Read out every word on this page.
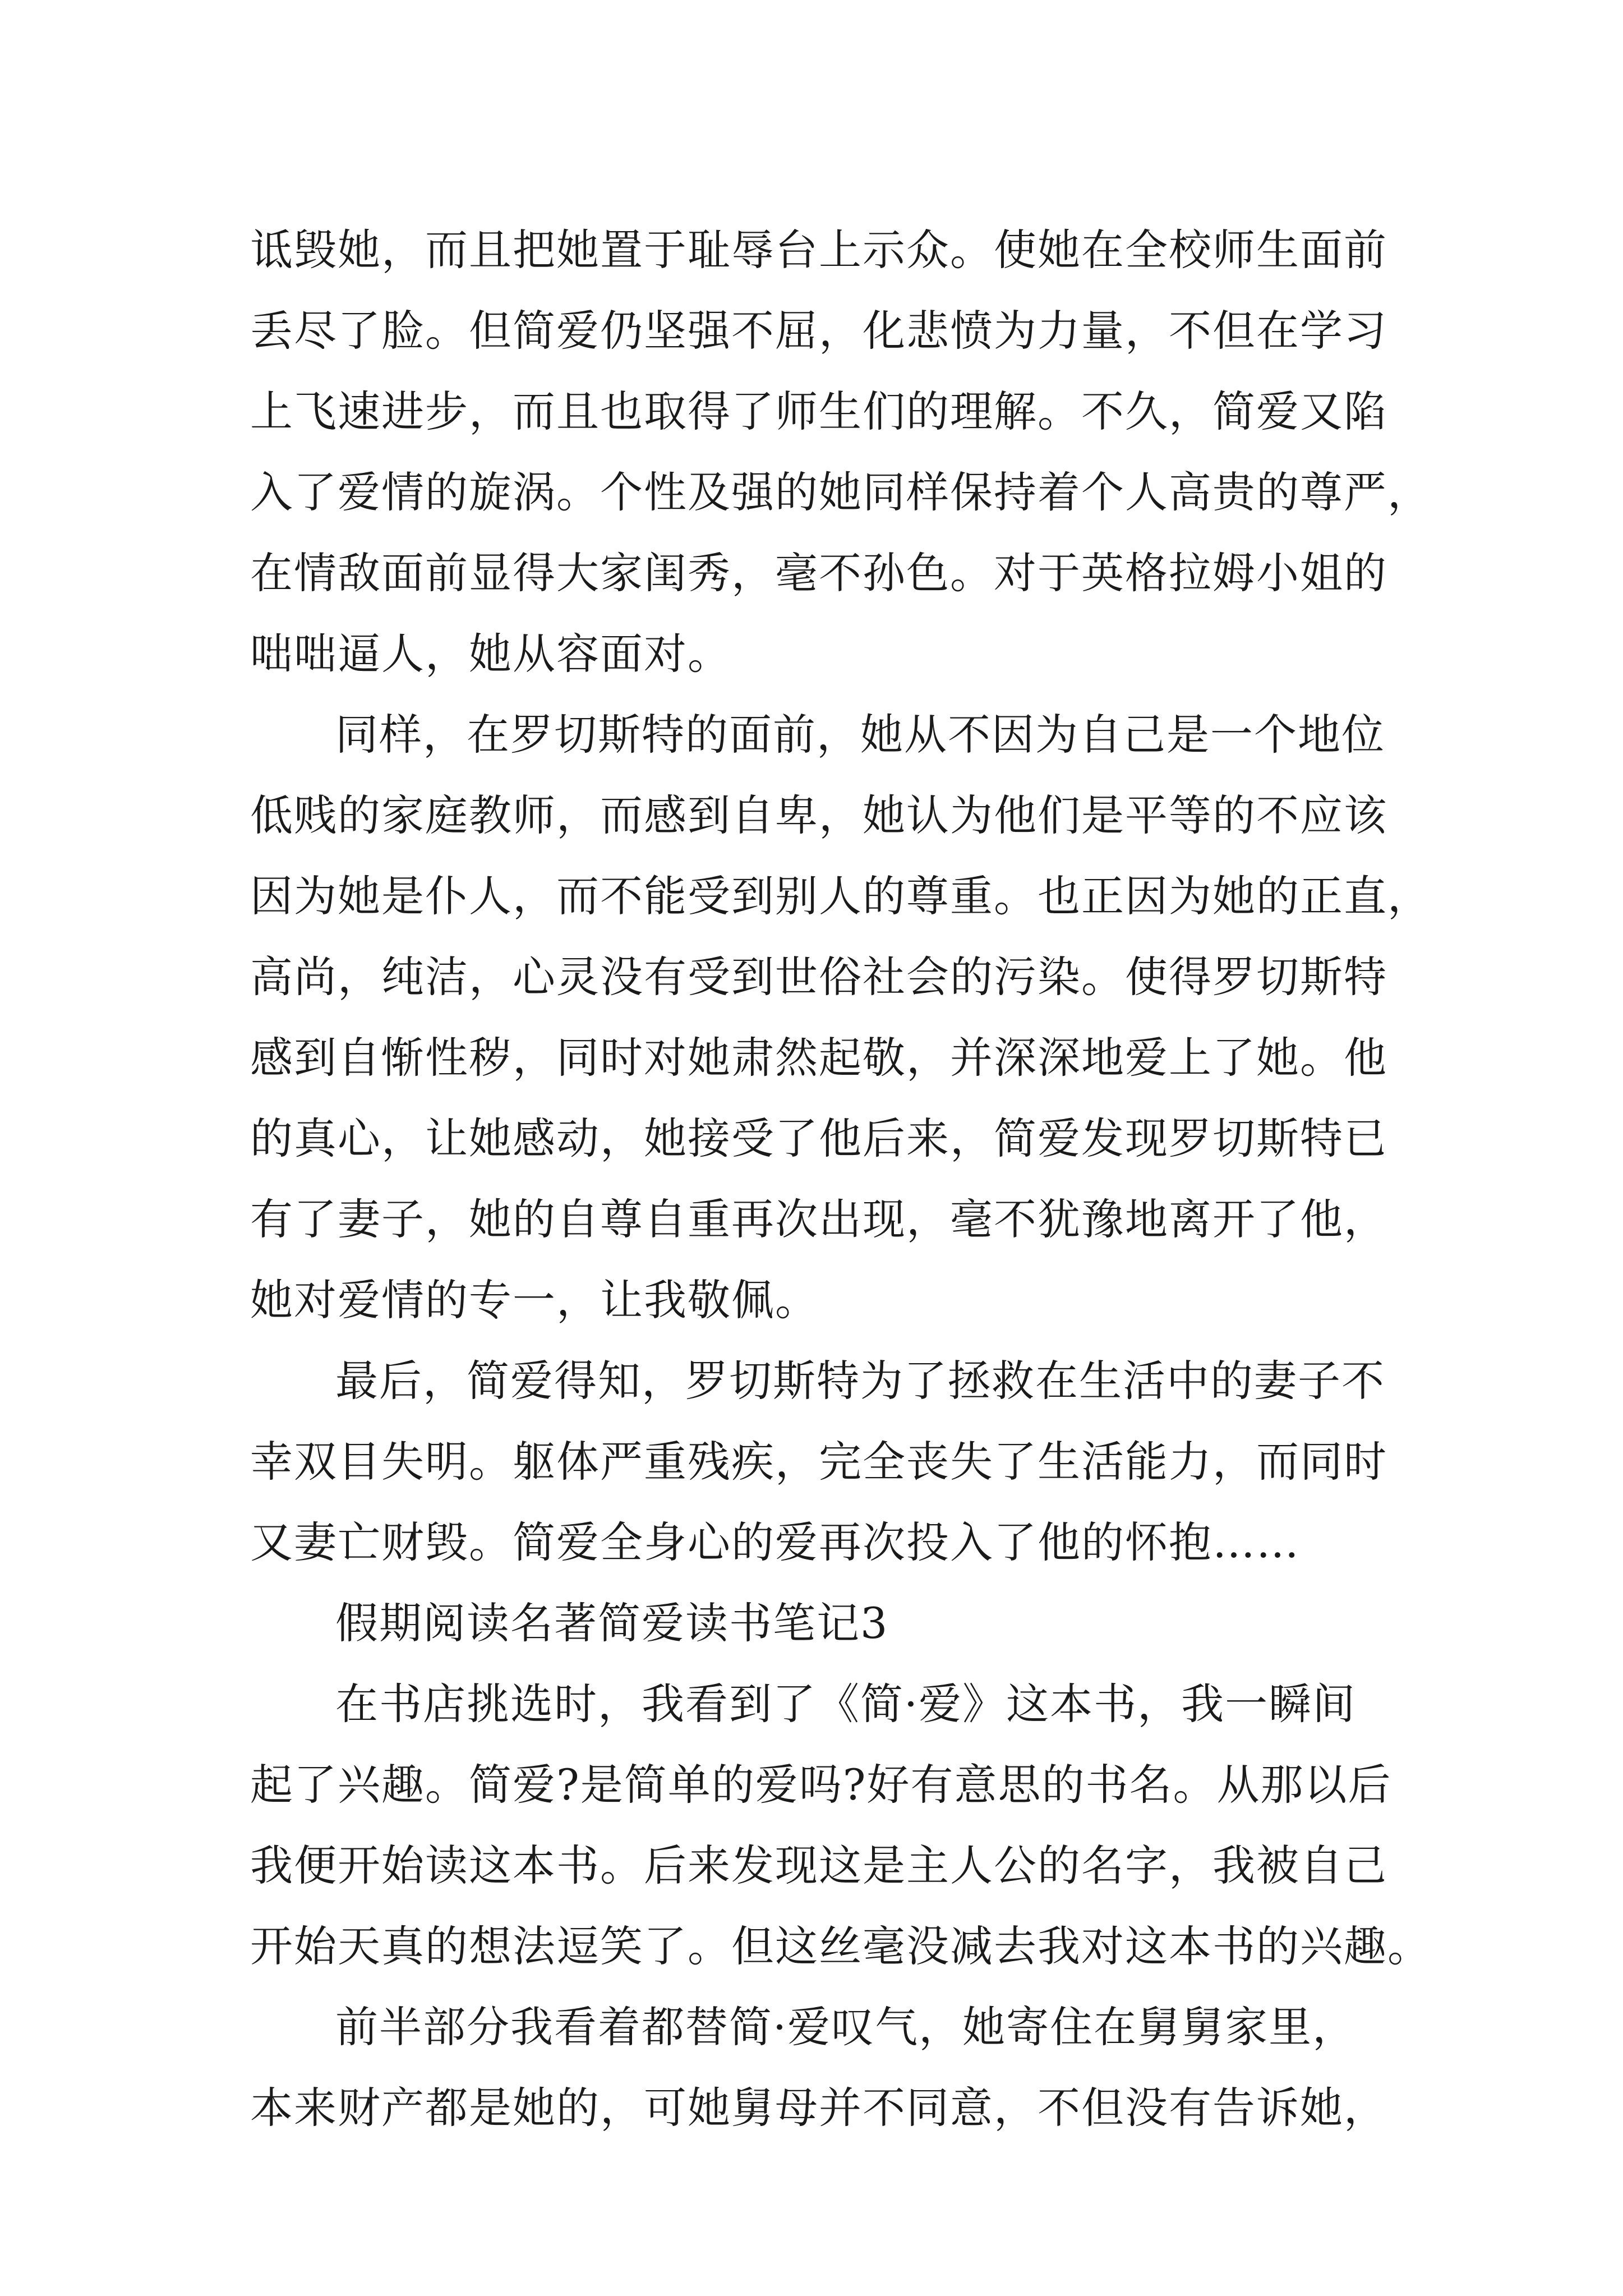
诋毁她，而且把她置于耻辱台上示众。使她在全校师生面前
丢尽了脸。但简爱仍坚强不屈，化悲愤为力量，不但在学习
上飞速进步，而且也取得了师生们的理解。不久，简爱又陷
入了爱情的旋涡。个性及强的她同样保持着个人高贵的尊严，
在情敌面前显得大家闺秀，毫不孙色。对于英格拉姆小姐的
咄咄逼人，她从容面对。
同样，在罗切斯特的面前，她从不因为自己是一个地位
低贱的家庭教师，而感到自卑，她认为他们是平等的不应该
因为她是仆人，而不能受到别人的尊重。也正因为她的正直，
高尚，纯洁，心灵没有受到世俗社会的污染。使得罗切斯特
感到自惭性秽，同时对她肃然起敬，并深深地爱上了她。他
的真心，让她感动，她接受了他后来，简爱发现罗切斯特已
有了妻子，她的自尊自重再次出现，毫不犹豫地离开了他，
她对爱情的专一，让我敬佩。
最后，简爱得知，罗切斯特为了拯救在生活中的妻子不
幸双目失明。躯体严重残疾，完全丧失了生活能力，而同时
又妻亡财毁。简爱全身心的爱再次投入了他的怀抱……
假期阅读名著简爱读书笔记3
在书店挑选时，我看到了《简·爱》这本书，我一瞬间
起了兴趣。简爱?是简单的爱吗?好有意思的书名。从那以后
我便开始读这本书。后来发现这是主人公的名字，我被自己
开始天真的想法逗笑了。但这丝毫没减去我对这本书的兴趣。
前半部分我看着都替简·爱叹气，她寄住在舅舅家里，
本来财产都是她的，可她舅母并不同意，不但没有告诉她，
